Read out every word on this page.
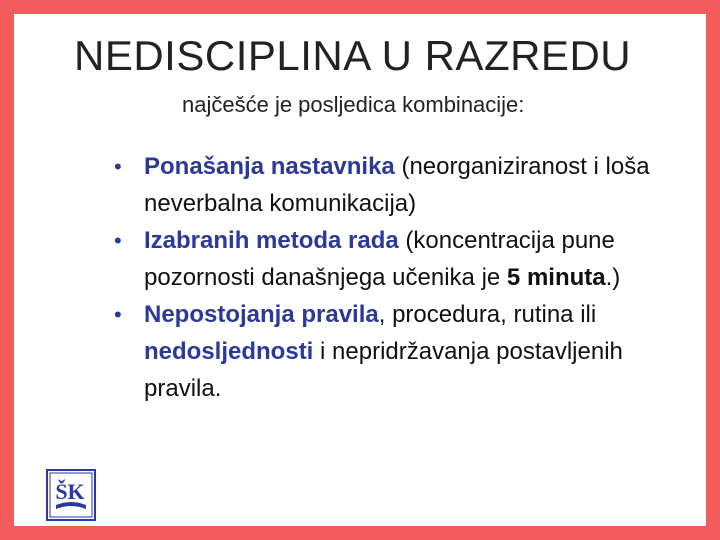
NEDISCIPLINA U RAZREDU
najčešće je posljedica kombinacije:
• Ponašanja nastavnika (neorganiziranost i loša neverbalna komunikacija)
• Izabranih metoda rada (koncentracija pune pozornosti današnjega učenika je 5 minuta.)
• Nepostojanja pravila, procedura, rutina ili nedosljednosti i nepridržavanja postavljenih pravila.
ŠK
